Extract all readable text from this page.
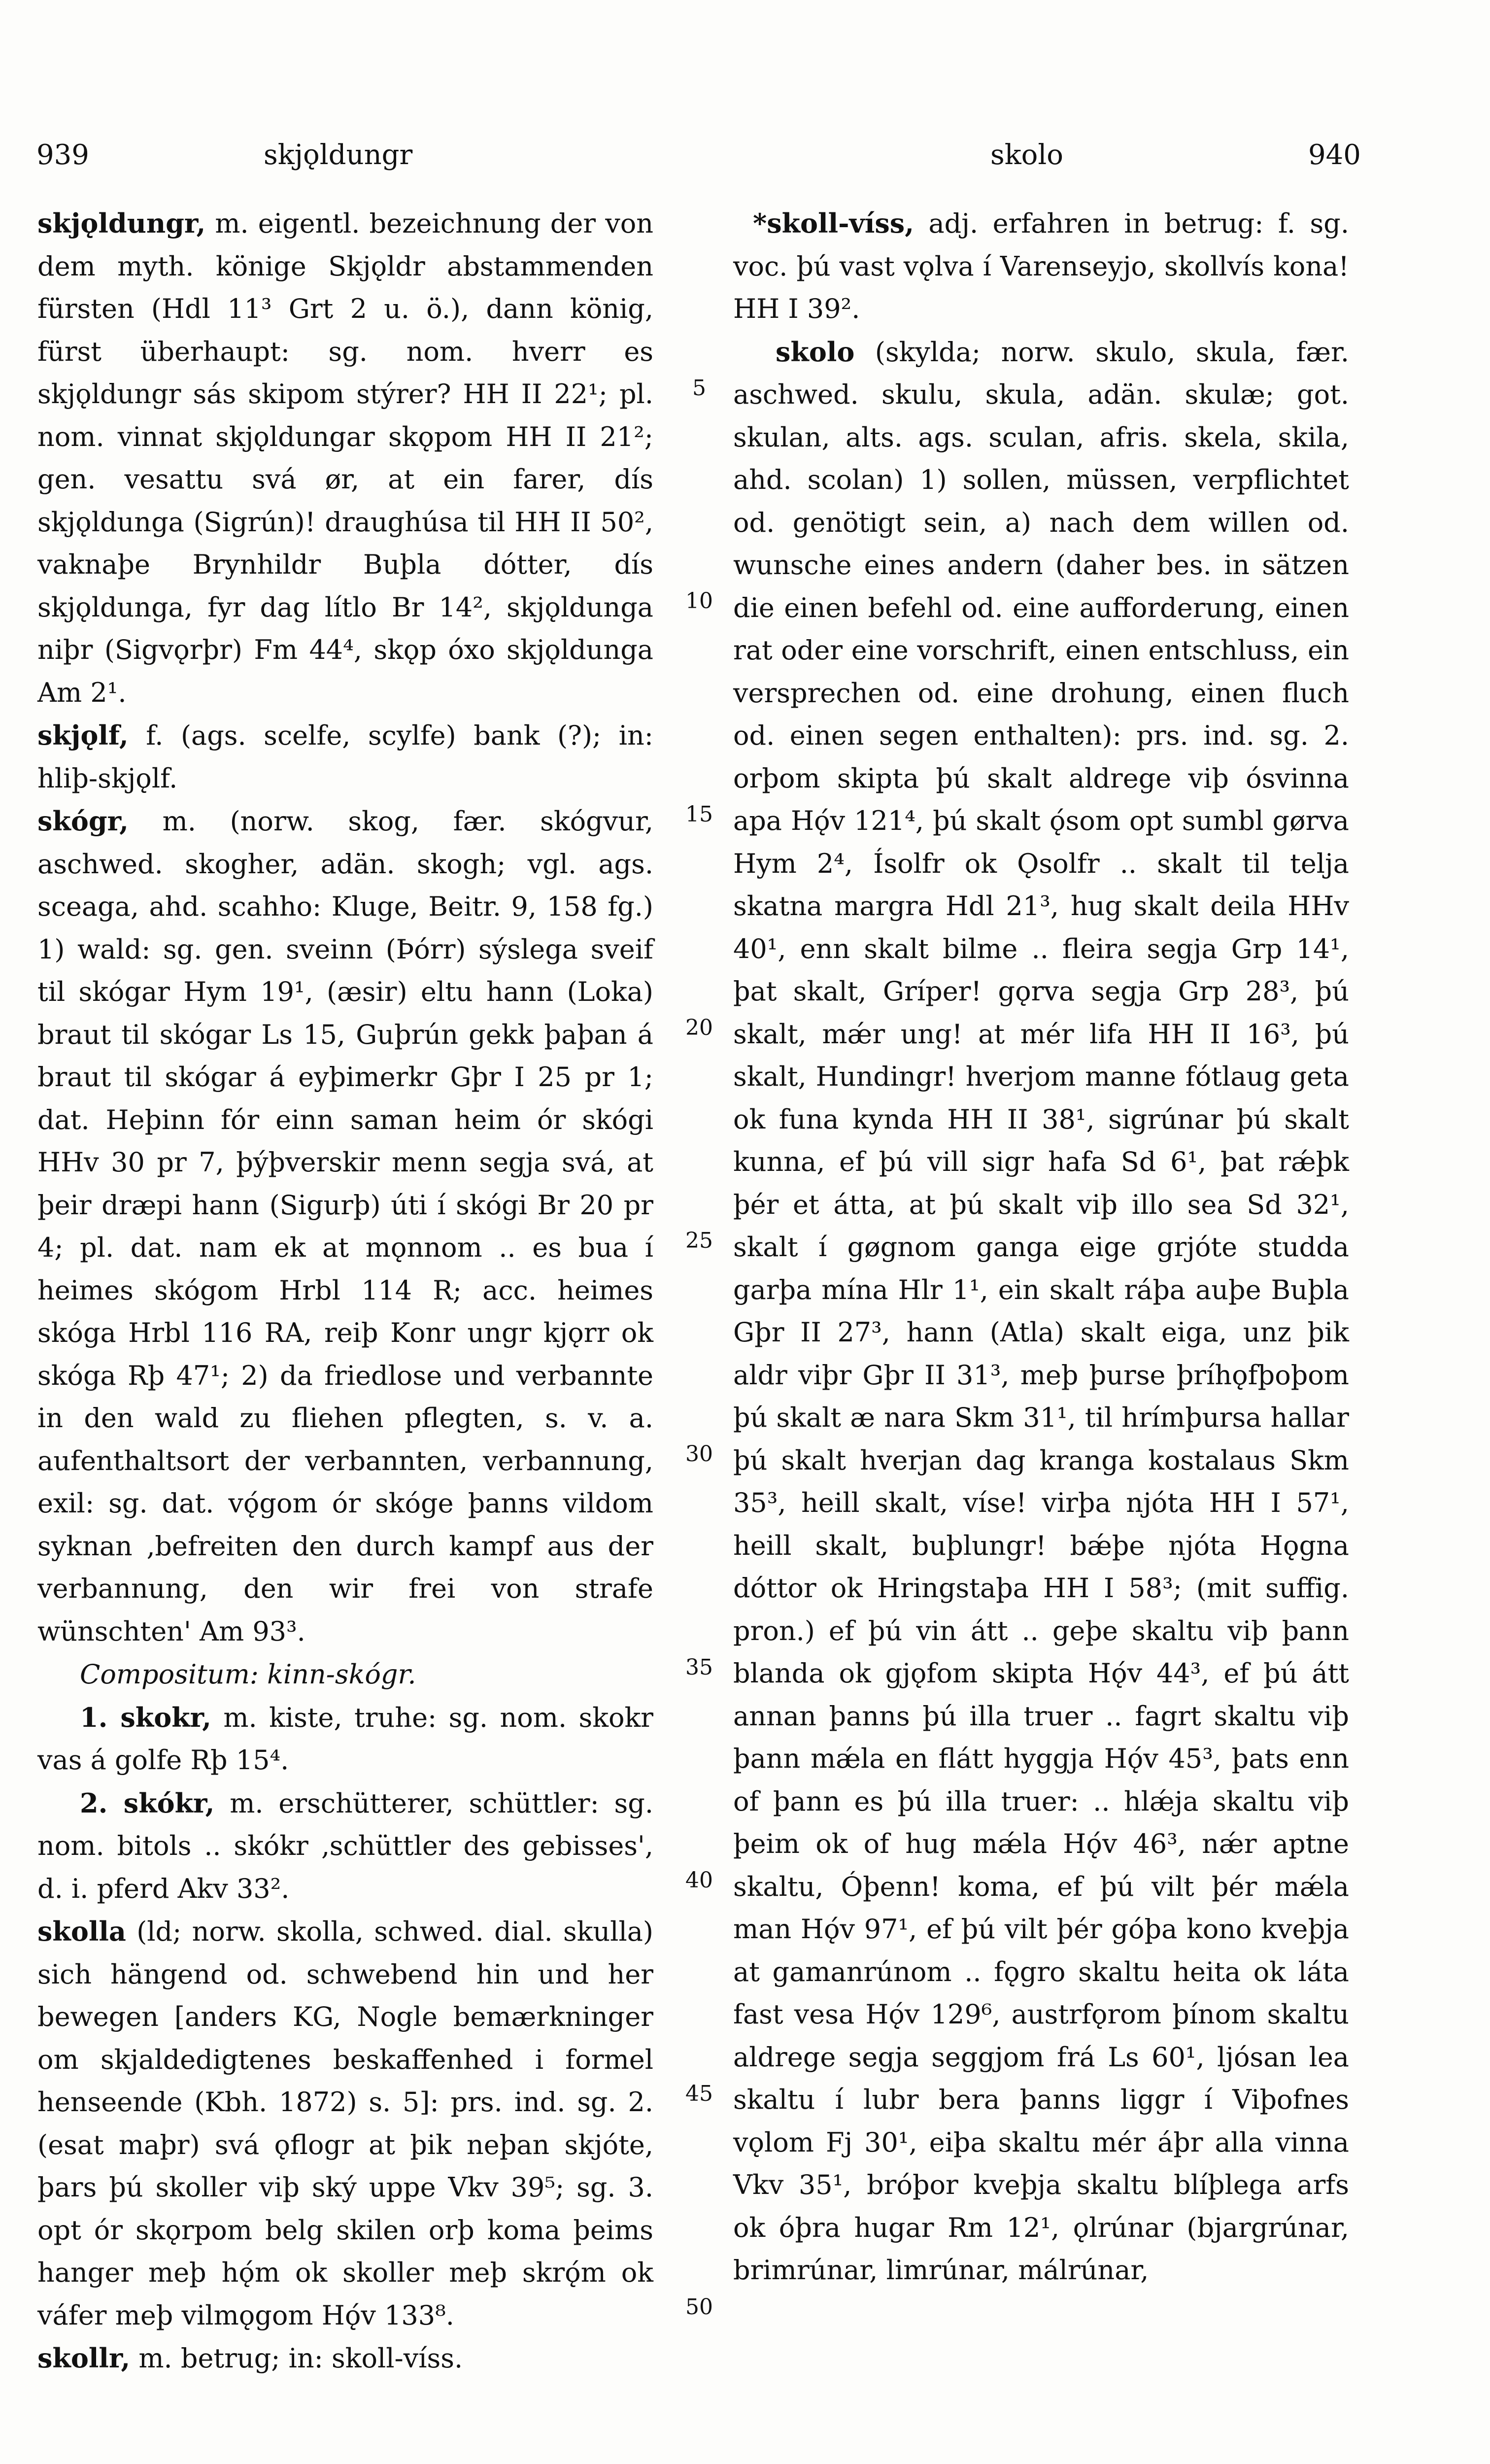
939	skjǫldungr	skolo	940

skjǫldungr, m. eigentl. bezeichnung der von dem myth. könige Skjǫldr abstammenden fürsten (Hdl 11³ Grt 2 u. ö.), dann könig, fürst überhaupt: sg. nom. hverr es skjǫldungr sás skipom stýrer? HH II 22¹; pl. nom. vinnat skjǫldungar skǫpom HH II 21²; gen. vesattu svá ør, at ein farer, dís skjǫldunga (Sigrún)! draughúsa til HH II 50², vaknaþe Brynhildr Buþla dótter, dís skjǫldunga, fyr dag lítlo Br 14², skjǫldunga niþr (Sigvǫrþr) Fm 44⁴, skǫp óxo skjǫldunga Am 2¹.

skjǫlf, f. (ags. scelfe, scylfe) bank (?); in: hliþ-skjǫlf.

skógr, m. (norw. skog, fær. skógvur, aschwed. skogher, adän. skogh; vgl. ags. sceaga, ahd. scahho: Kluge, Beitr. 9, 158 fg.) 1) wald: sg. gen. sveinn (Þórr) sýslega sveif til skógar Hym 19¹, (æsir) eltu hann (Loka) braut til skógar Ls 15, Guþrún gekk þaþan á braut til skógar á eyþimerkr Gþr I 25 pr 1; dat. Heþinn fór einn saman heim ór skógi HHv 30 pr 7, þýþverskir menn segja svá, at þeir dræpi hann (Sigurþ) úti í skógi Br 20 pr 4; pl. dat. nam ek at mǫnnom .. es bua í heimes skógom Hrbl 114 R; acc. heimes skóga Hrbl 116 RA, reiþ Konr ungr kjǫrr ok skóga Rþ 47¹; 2) da friedlose und verbannte in den wald zu fliehen pflegten, s. v. a. aufenthaltsort der verbannten, verbannung, exil: sg. dat. vǫ́gom ór skóge þanns vildom syknan ‚befreiten den durch kampf aus der verbannung, den wir frei von strafe wünschten' Am 93³.

Compositum: kinn-skógr.

1. skokr, m. kiste, truhe: sg. nom. skokr vas á golfe Rþ 15⁴.

2. skókr, m. erschütterer, schüttler: sg. nom. bitols .. skókr ‚schüttler des gebisses', d. i. pferd Akv 33².

skolla (ld; norw. skolla, schwed. dial. skulla) sich hängend od. schwebend hin und her bewegen [anders KG, Nogle bemærkninger om skjaldedigtenes beskaffenhed i formel henseende (Kbh. 1872) s. 5]: prs. ind. sg. 2. (esat maþr) svá ǫflogr at þik neþan skjóte, þars þú skoller viþ ský uppe Vkv 39⁵; sg. 3. opt ór skǫrpom belg skilen orþ koma þeims hanger meþ hǫ́m ok skoller meþ skrǫ́m ok váfer meþ vilmǫgom Hǫ́v 133⁸.

skollr, m. betrug; in: skoll-víss.

5
10
15
20
25
30
35
40
45
50

*skoll-víss, adj. erfahren in betrug: f. sg. voc. þú vast vǫlva í Varenseyjo, skollvís kona! HH I 39².

skolo (skylda; norw. skulo, skula, fær. aschwed. skulu, skula, adän. skulæ; got. skulan, alts. ags. sculan, afris. skela, skila, ahd. scolan) 1) sollen, müssen, verpflichtet od. genötigt sein, a) nach dem willen od. wunsche eines andern (daher bes. in sätzen die einen befehl od. eine aufforderung, einen rat oder eine vorschrift, einen entschluss, ein versprechen od. eine drohung, einen fluch od. einen segen enthalten): prs. ind. sg. 2. orþom skipta þú skalt aldrege viþ ósvinna apa Hǫ́v 121⁴, þú skalt ǫ́som opt sumbl gørva Hym 2⁴, Ísolfr ok Ǫsolfr .. skalt til telja skatna margra Hdl 21³, hug skalt deila HHv 40¹, enn skalt bilme .. fleira segja Grp 14¹, þat skalt, Gríper! gǫrva segja Grp 28³, þú skalt, mǽr ung! at mér lifa HH II 16³, þú skalt, Hundingr! hverjom manne fótlaug geta ok funa kynda HH II 38¹, sigrúnar þú skalt kunna, ef þú vill sigr hafa Sd 6¹, þat rǽþk þér et átta, at þú skalt viþ illo sea Sd 32¹, skalt í gøgnom ganga eige grjóte studda garþa mína Hlr 1¹, ein skalt ráþa auþe Buþla Gþr II 27³, hann (Atla) skalt eiga, unz þik aldr viþr Gþr II 31³, meþ þurse þríhǫfþoþom þú skalt æ nara Skm 31¹, til hrímþursa hallar þú skalt hverjan dag kranga kostalaus Skm 35³, heill skalt, víse! virþa njóta HH I 57¹, heill skalt, buþlungr! bǽþe njóta Hǫgna dóttor ok Hringstaþa HH I 58³; (mit suffig. pron.) ef þú vin átt .. geþe skaltu viþ þann blanda ok gjǫfom skipta Hǫ́v 44³, ef þú átt annan þanns þú illa truer .. fagrt skaltu viþ þann mǽla en flátt hyggja Hǫ́v 45³, þats enn of þann es þú illa truer: .. hlǽja skaltu viþ þeim ok of hug mǽla Hǫ́v 46³, nǽr aptne skaltu, Óþenn! koma, ef þú vilt þér mǽla man Hǫ́v 97¹, ef þú vilt þér góþa kono kveþja at gamanrúnom .. fǫgro skaltu heita ok láta fast vesa Hǫ́v 129⁶, austrfǫrom þínom skaltu aldrege segja seggjom frá Ls 60¹, ljósan lea skaltu í lubr bera þanns liggr í Viþofnes vǫlom Fj 30¹, eiþa skaltu mér áþr alla vinna Vkv 35¹, bróþor kveþja skaltu blíþlega arfs ok óþra hugar Rm 12¹, ǫlrúnar (bjargrúnar, brimrúnar, limrúnar, málrúnar,
